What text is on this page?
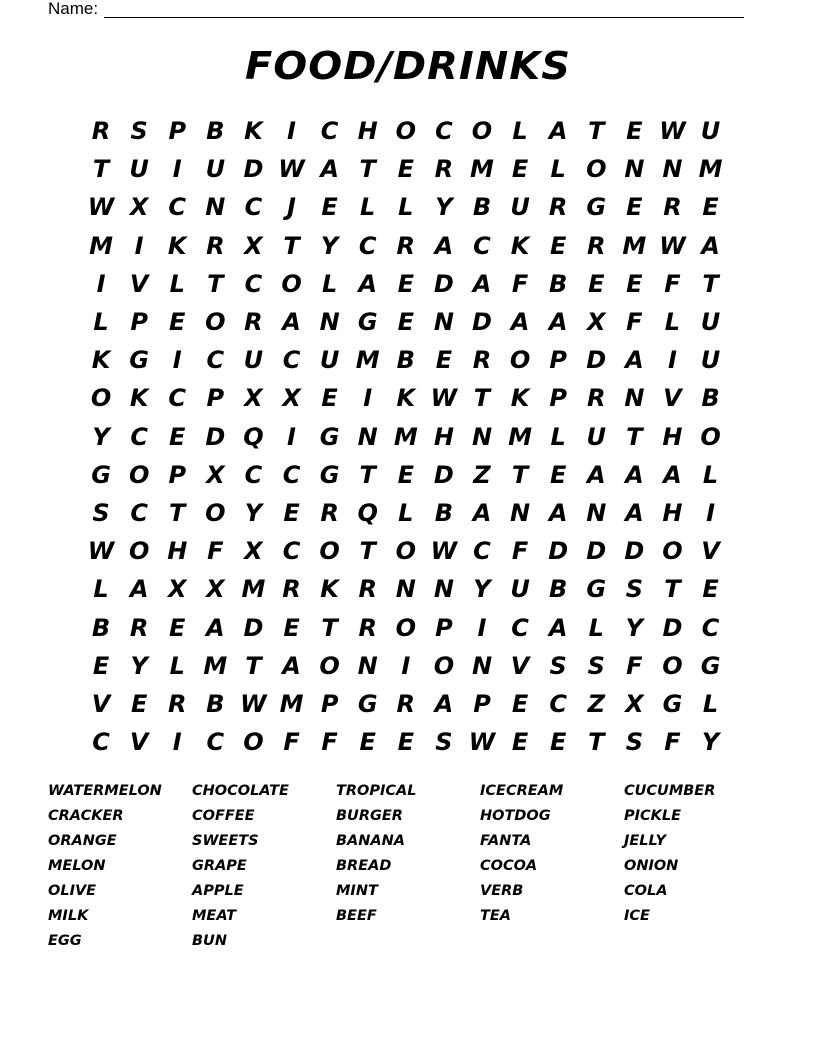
Name:
FOOD/DRINKS
R S P B K	I	C H O C O L A T E W U
T U I U D W A T E R M E L O N N M
W X C N C	J	E L L Y B U R G E R E
M I	K R X T Y C R A C K E R M W A
I	V L T C O L A E D A F B E E F T
L P E O R A N G E N D A A X F L U
K G I	C U C U M B E R O P D A	I U
O K C P X X E	I	K W T K P R N V B
Y C E D Q I G N M H N M L U T H O
G O P X C C G T E D Z T E A A A L
S C T O Y E R Q L B A N A N A H I
W O H F X C O T O W C F D D D O V
L A X X M R K R N N Y U B G S T E
B R E A D E T R O P	I	C A L Y D C
E Y L M T A O N I O N V S S F O G
V E R B W M P G R A P E C Z X G L
C V	I	C O F F E E S W E E T S F Y
WATERMELON	CHOCOLATE	TROPICAL	ICECREAM	CUCUMBER
CRACKER	COFFEE	BURGER	HOTDOG	PICKLE
ORANGE	SWEETS	BANANA	FANTA	JELLY
MELON	GRAPE	BREAD	COCOA	ONION
OLIVE	APPLE	MINT	VERB	COLA
MILK	MEAT	BEEF	TEA	ICE
EGG	BUN
